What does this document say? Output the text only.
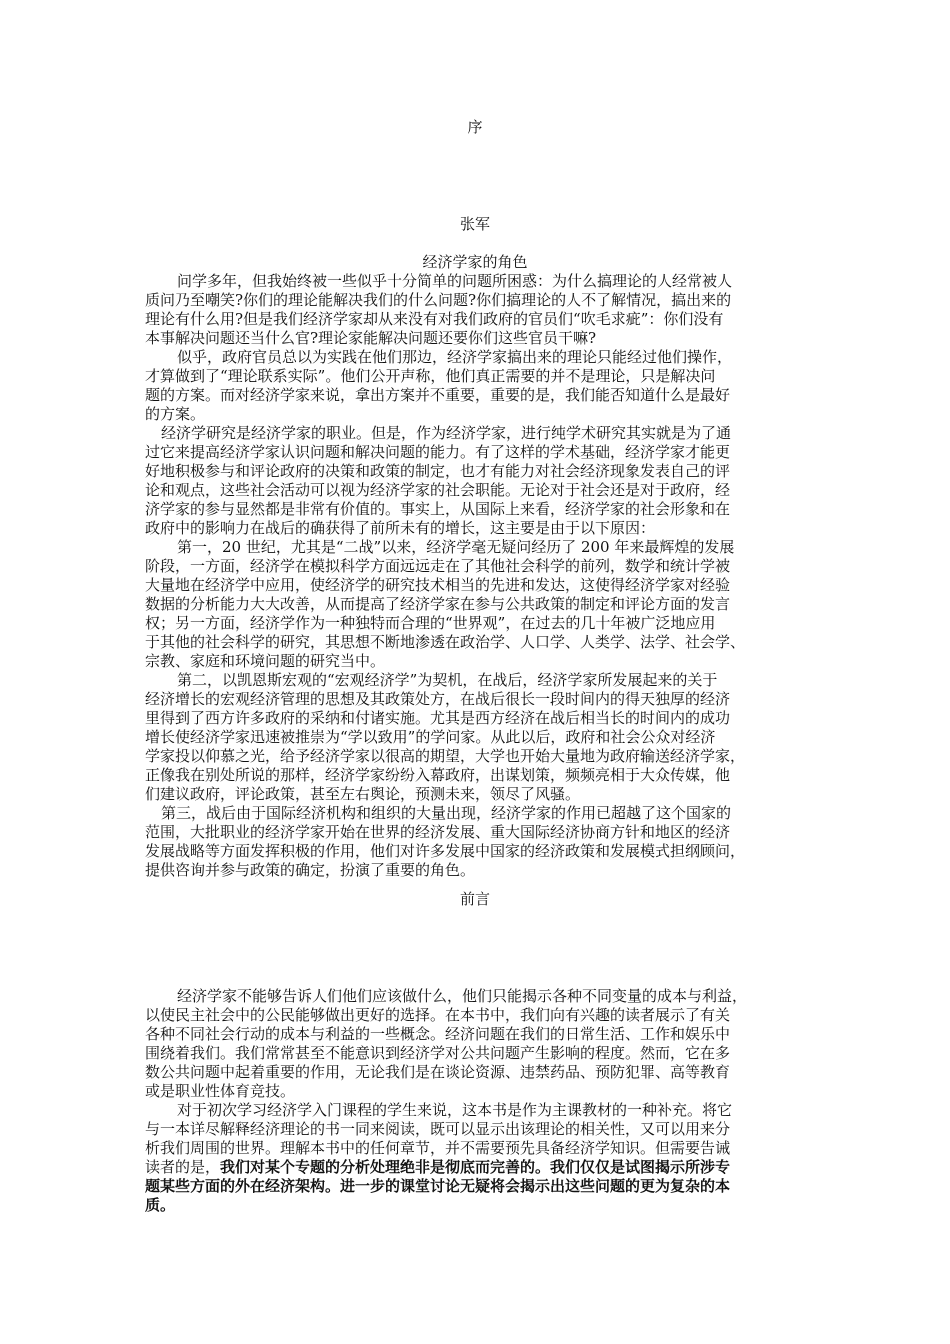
序
张军
经济学家的角色
问学多年，但我始终被一些似乎十分简单的问题所困惑：为什么搞理论的人经常被人
质问乃至嘲笑?你们的理论能解决我们的什么问题?你们搞理论的人不了解情况，搞出来的
理论有什么用?但是我们经济学家却从来没有对我们政府的官员们“吹毛求疵”：你们没有
本事解决问题还当什么官?理论家能解决问题还要你们这些官员干嘛?
似乎，政府官员总以为实践在他们那边，经济学家搞出来的理论只能经过他们操作，
才算做到了“理论联系实际”。他们公开声称，他们真正需要的并不是理论，只是解决问
题的方案。而对经济学家来说，拿出方案并不重要，重要的是，我们能否知道什么是最好
的方案。
经济学研究是经济学家的职业。但是，作为经济学家，进行纯学术研究其实就是为了通
过它来提高经济学家认识问题和解决问题的能力。有了这样的学术基础，经济学家才能更
好地积极参与和评论政府的决策和政策的制定，也才有能力对社会经济现象发表自己的评
论和观点，这些社会活动可以视为经济学家的社会职能。无论对于社会还是对于政府，经
济学家的参与显然都是非常有价值的。事实上，从国际上来看，经济学家的社会形象和在
政府中的影响力在战后的确获得了前所未有的增长，这主要是由于以下原因：
第一，20 世纪，尤其是“二战”以来，经济学毫无疑问经历了 200 年来最辉煌的发展
阶段，一方面，经济学在模拟科学方面远远走在了其他社会科学的前列，数学和统计学被
大量地在经济学中应用，使经济学的研究技术相当的先进和发达，这使得经济学家对经验
数据的分析能力大大改善，从而提高了经济学家在参与公共政策的制定和评论方面的发言
权；另一方面，经济学作为一种独特而合理的“世界观”，在过去的几十年被广泛地应用
于其他的社会科学的研究，其思想不断地渗透在政治学、人口学、人类学、法学、社会学、
宗教、家庭和环境问题的研究当中。
第二，以凯恩斯宏观的“宏观经济学”为契机，在战后，经济学家所发展起来的关于
经济增长的宏观经济管理的思想及其政策处方，在战后很长一段时间内的得天独厚的经济
里得到了西方许多政府的采纳和付诸实施。尤其是西方经济在战后相当长的时间内的成功
增长使经济学家迅速被推崇为“学以致用”的学问家。从此以后，政府和社会公众对经济
学家投以仰慕之光，给予经济学家以很高的期望，大学也开始大量地为政府输送经济学家，
正像我在别处所说的那样，经济学家纷纷入幕政府，出谋划策，频频亮相于大众传媒，他
们建议政府，评论政策，甚至左右舆论，预测未来，领尽了风骚。
第三，战后由于国际经济机构和组织的大量出现，经济学家的作用已超越了这个国家的
范围，大批职业的经济学家开始在世界的经济发展、重大国际经济协商方针和地区的经济
发展战略等方面发挥积极的作用，他们对许多发展中国家的经济政策和发展模式担纲顾问，
提供咨询并参与政策的确定，扮演了重要的角色。
前言
经济学家不能够告诉人们他们应该做什么，他们只能揭示各种不同变量的成本与利益，
以使民主社会中的公民能够做出更好的选择。在本书中，我们向有兴趣的读者展示了有关
各种不同社会行动的成本与利益的一些概念。经济问题在我们的日常生活、工作和娱乐中
围绕着我们。我们常常甚至不能意识到经济学对公共问题产生影响的程度。然而，它在多
数公共问题中起着重要的作用，无论我们是在谈论资源、违禁药品、预防犯罪、高等教育
或是职业性体育竞技。
对于初次学习经济学入门课程的学生来说，这本书是作为主课教材的一种补充。将它
与一本详尽解释经济理论的书一同来阅读，既可以显示出该理论的相关性，又可以用来分
析我们周围的世界。理解本书中的任何章节，并不需要预先具备经济学知识。但需要告诫
读者的是，我们对某个专题的分析处理绝非是彻底而完善的。我们仅仅是试图揭示所涉专
题某些方面的外在经济架构。进一步的课堂讨论无疑将会揭示出这些问题的更为复杂的本
质。
